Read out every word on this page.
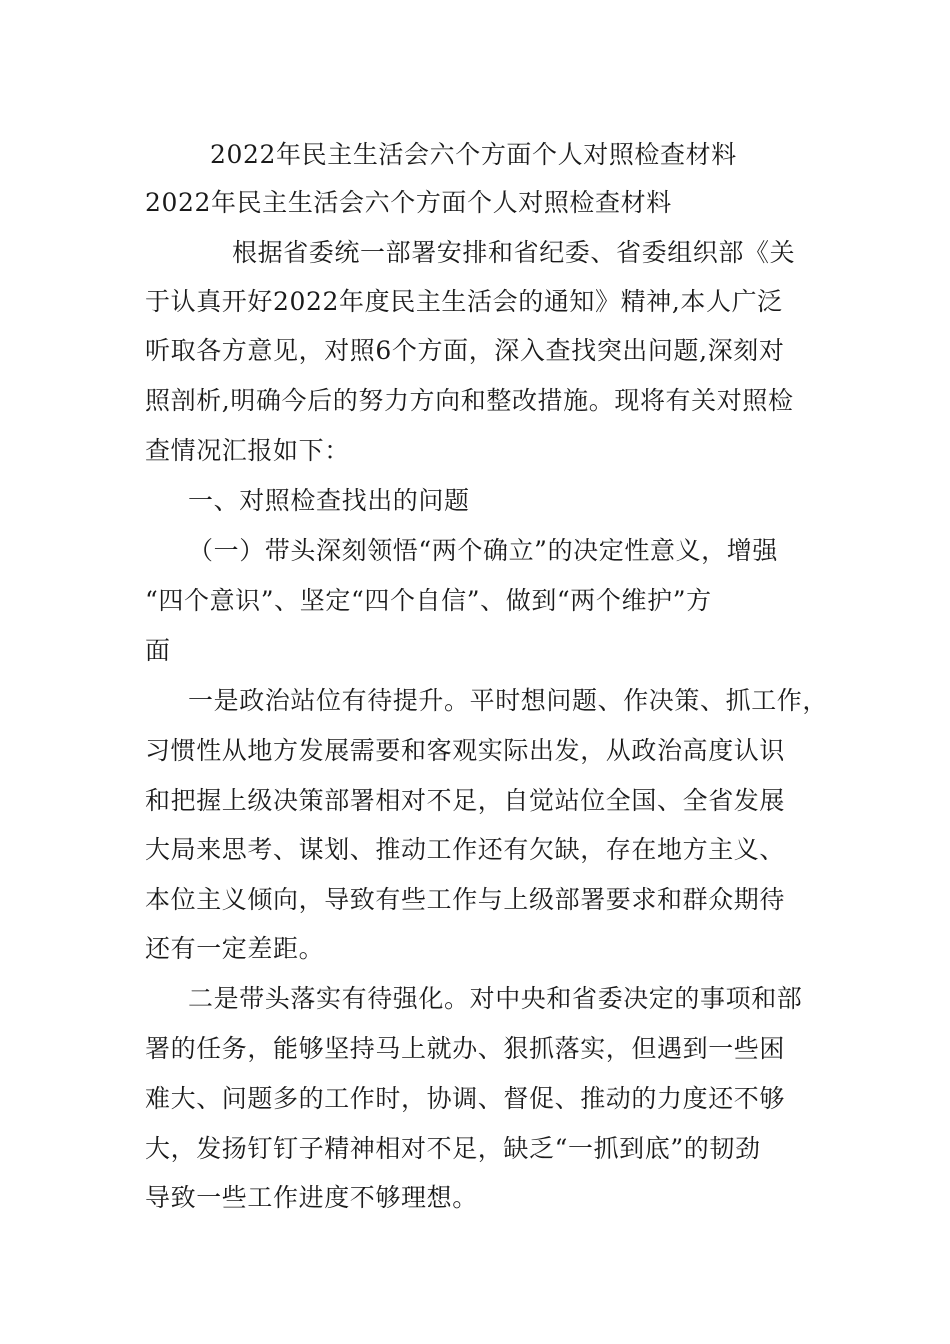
2022年民主生活会六个方面个人对照检查材料

2022年民主生活会六个方面个人对照检查材料

根据省委统一部署安排和省纪委、省委组织部《关

于认真开好2022年度民主生活会的通知》精神,本人广泛

听取各方意见，对照6个方面，深入查找突出问题,深刻对

照剖析,明确今后的努力方向和整改措施。现将有关对照检

查情况汇报如下：

一、对照检查找出的问题

（一）带头深刻领悟“两个确立”的决定性意义，增强

“四个意识”、坚定“四个自信”、做到“两个维护”方

面

一是政治站位有待提升。平时想问题、作决策、抓工作，

习惯性从地方发展需要和客观实际出发，从政治高度认识

和把握上级决策部署相对不足，自觉站位全国、全省发展

大局来思考、谋划、推动工作还有欠缺，存在地方主义、

本位主义倾向，导致有些工作与上级部署要求和群众期待

还有一定差距。

二是带头落实有待强化。对中央和省委决定的事项和部

署的任务，能够坚持马上就办、狠抓落实，但遇到一些困

难大、问题多的工作时，协调、督促、推动的力度还不够

大，发扬钉钉子精神相对不足，缺乏“一抓到底”的韧劲

导致一些工作进度不够理想。
